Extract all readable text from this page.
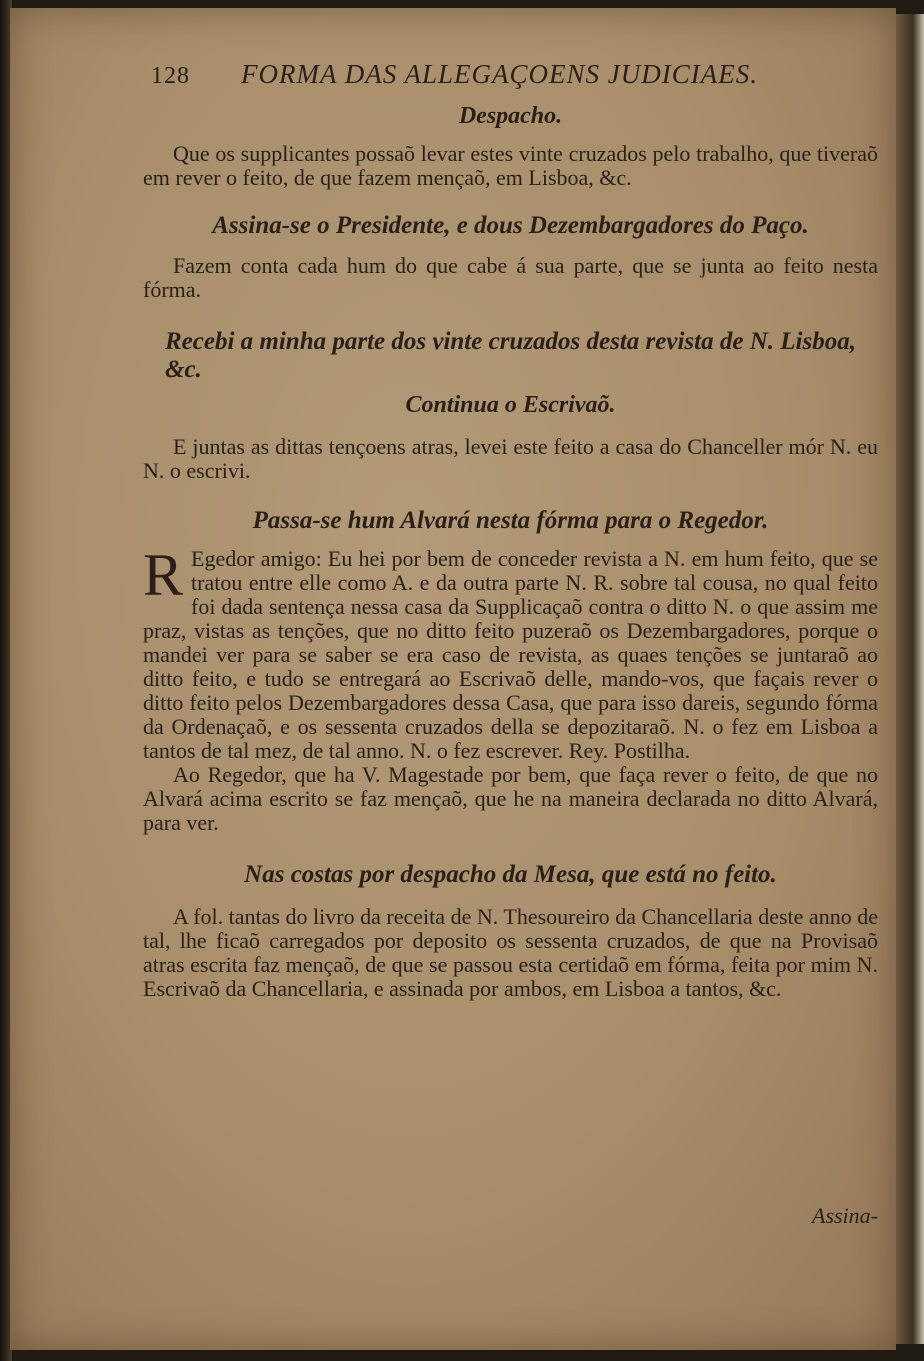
128 FORMA DAS ALLEGAÇOENS JUDICIAES.
Despacho.

Que os supplicantes possaõ levar estes vinte cruzados pelo trabalho, que tiveraõ em rever o feito, de que fazem mençaõ, em Lisboa, &c.

Assina-se o Presidente, e dous Dezembargadores do Paço.

Fazem conta cada hum do que cabe á sua parte, que se junta ao feito nesta fórma.

Recebi a minha parte dos vinte cruzados desta revista de N. Lisboa, &c.
Continua o Escrivaõ.

E juntas as dittas tençoens atras, levei este feito a casa do Chanceller mór N. eu N. o escrivi.

Passa-se hum Alvará nesta fórma para o Regedor.

R Egedor amigo: Eu hei por bem de conceder revista a N. em hum feito, que se tratou entre elle como A. e da outra parte N. R. sobre tal cousa, no qual feito foi dada sentença nessa casa da Supplicaçaõ contra o ditto N. o que assim me praz, vistas as tenções, que no ditto feito puzeraõ os Dezembargadores, porque o mandei ver para se saber se era caso de revista, as quaes tenções se juntaraõ ao ditto feito, e tudo se entregará ao Escrivaõ delle, mando-vos, que façais rever o ditto feito pelos Dezembargadores dessa Casa, que para isso dareis, segundo fórma da Ordenaçaõ, e os sessenta cruzados della se depozitaraõ. N. o fez em Lisboa a tantos de tal mez, de tal anno. N. o fez escrever. Rey. Postilha.

Ao Regedor, que ha V. Magestade por bem, que faça rever o feito, de que no Alvará acima escrito se faz mençaõ, que he na maneira declarada no ditto Alvará, para ver.

Nas costas por despacho da Mesa, que está no feito.

A fol. tantas do livro da receita de N. Thesoureiro da Chancellaria deste anno de tal, lhe ficaõ carregados por deposito os sessenta cruzados, de que na Provisaõ atras escrita faz mençaõ, de que se passou esta certidaõ em fórma, feita por mim N. Escrivaõ da Chancellaria, e assinada por ambos, em Lisboa a tantos, &c.

Assina-
